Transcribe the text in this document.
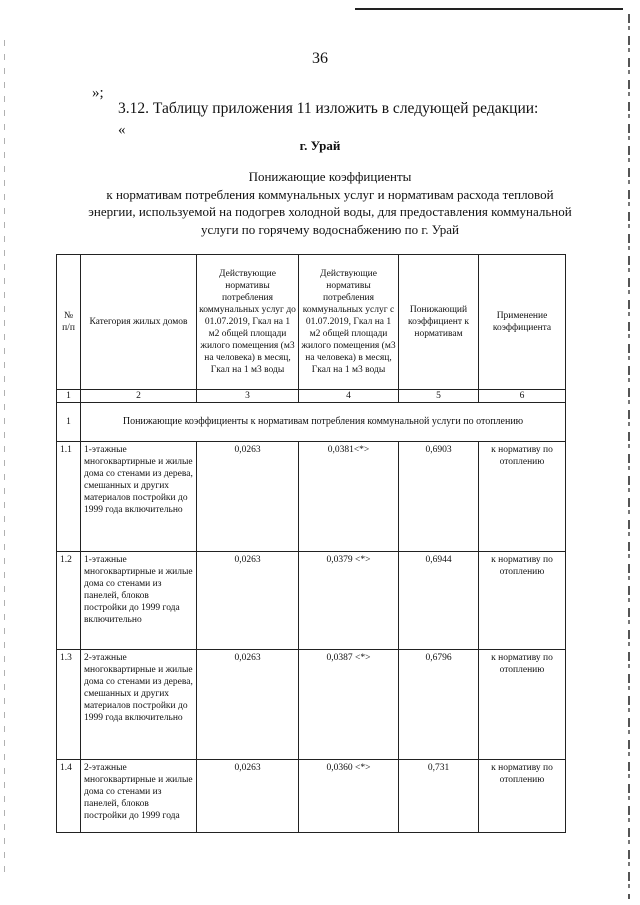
36
»;
3.12. Таблицу приложения 11 изложить в следующей редакции:
«
г. Урай
Понижающие коэффициенты
к нормативам потребления коммунальных услуг и нормативам расхода тепловой
энергии, используемой на подогрев холодной воды, для предоставления коммунальной
услуги по горячему водоснабжению по г. Урай
№ п/п	Категория жилых домов	Действующие нормативы потребления коммунальных услуг до 01.07.2019, Гкал на 1 м2 общей площади жилого помещения (м3 на человека) в месяц, Гкал на 1 м3 воды	Действующие нормативы потребления коммунальных услуг с 01.07.2019, Гкал на 1 м2 общей площади жилого помещения (м3 на человека) в месяц, Гкал на 1 м3 воды	Понижающий коэффициент к нормативам	Применение коэффициента
1	2	3	4	5	6
1	Понижающие коэффициенты к нормативам потребления коммунальной услуги по отоплению				
1.1	1-этажные многоквартирные и жилые дома со стенами из дерева, смешанных и других материалов постройки до 1999 года включительно	0,0263	0,0381<*>	0,6903	к нормативу по отоплению
1.2	1-этажные многоквартирные и жилые дома со стенами из панелей, блоков постройки до 1999 года включительно	0,0263	0,0379 <*>	0,6944	к нормативу по отоплению
1.3	2-этажные многоквартирные и жилые дома со стенами из дерева, смешанных и других материалов постройки до 1999 года включительно	0,0263	0,0387 <*>	0,6796	к нормативу по отоплению
1.4	2-этажные многоквартирные и жилые дома со стенами из панелей, блоков постройки до 1999 года	0,0263	0,0360 <*>	0,731	к нормативу по отоплению
